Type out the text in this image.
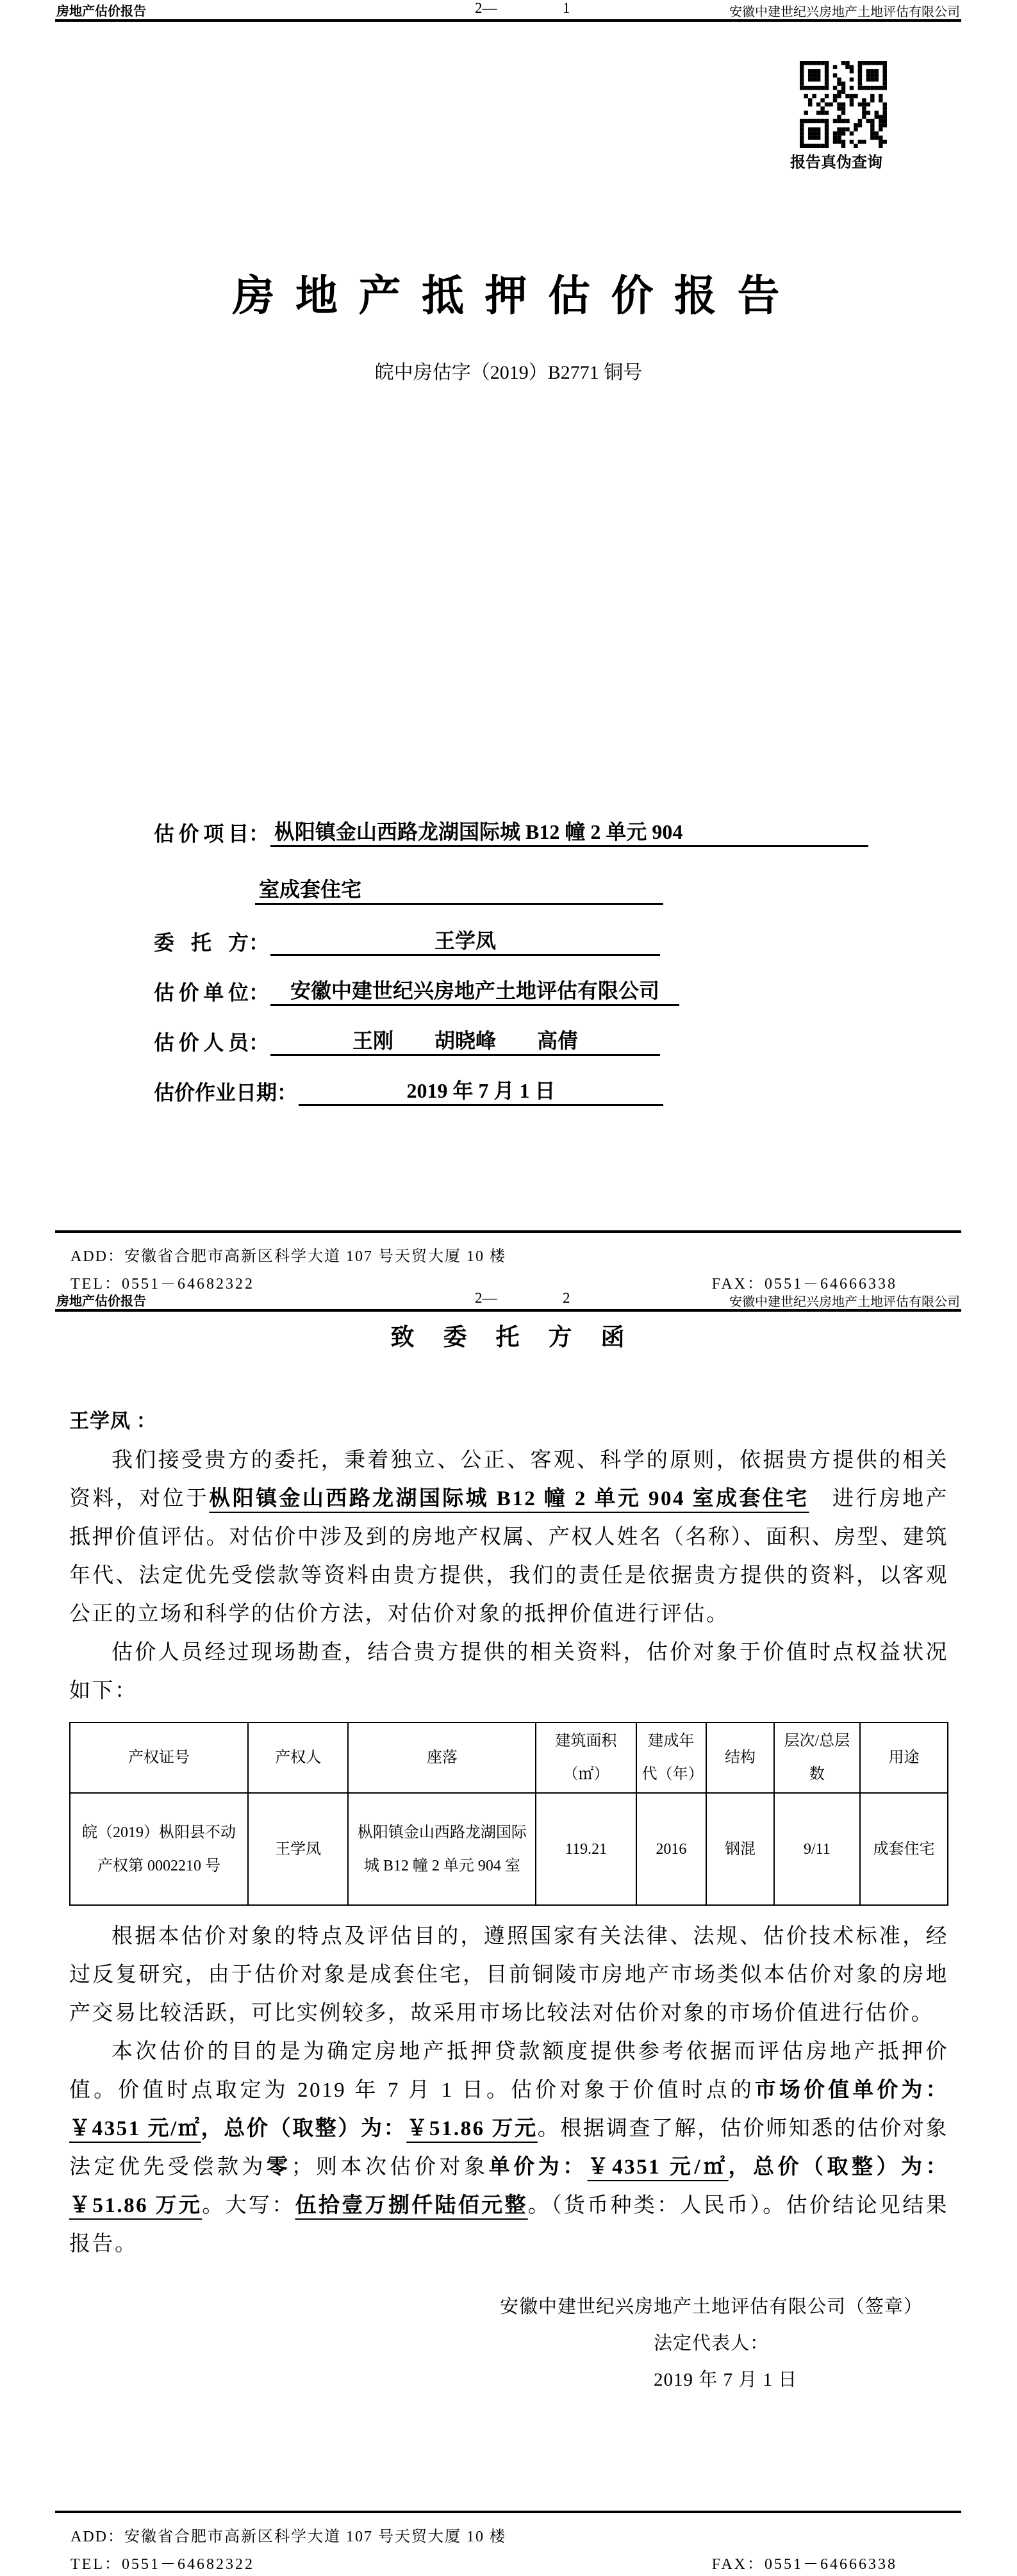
房地产估价报告	2—	1	安徽中建世纪兴房地产土地评估有限公司
报告真伪查询
房 地 产 抵 押 估 价 报 告
皖中房估字（2019）B2771 铜号
估价项目 ： 枞阳镇金山西路龙湖国际城 B12 幢 2 单元 904
室成套住宅
委托方 ：	王学凤
估价单位 ：	安徽中建世纪兴房地产土地评估有限公司
估价人员 ：	王刚　　胡晓峰　　高倩
估价作业日期 ：	2019 年 7 月 1 日
ADD：安徽省合肥市高新区科学大道 107 号天贸大厦 10 楼
TEL：0551－64682322	FAX：0551－64666338
房地产估价报告	2—	2	安徽中建世纪兴房地产土地评估有限公司
致　委　托　方　函
王学凤 ：

我们接受贵方的委托，秉着独立、公正、客观、科学的原则，依据贵方提供的相关资料，对位于枞阳镇金山西路龙湖国际城 B12 幢 2 单元 904 室成套住宅　进行房地产抵押价值评估。对估价中涉及到的房地产权属、产权人姓名（名称）、面积、房型、建筑年代、法定优先受偿款等资料由贵方提供，我们的责任是依据贵方提供的资料，以客观公正的立场和科学的估价方法，对估价对象的抵押价值进行评估。

估价人员经过现场勘查，结合贵方提供的相关资料，估价对象于价值时点权益状况如下：

产权证号	产权人	座落	建筑面积（㎡）	建成年代（年）	结构	层次/总层数	用途
皖（2019）枞阳县不动产权第 0002210 号	王学凤	枞阳镇金山西路龙湖国际城 B12 幢 2 单元 904 室	119.21	2016	钢混	9/11	成套住宅

根据本估价对象的特点及评估目的，遵照国家有关法律、法规、估价技术标准，经过反复研究，由于估价对象是成套住宅，目前铜陵市房地产市场类似本估价对象的房地产交易比较活跃，可比实例较多，故采用市场比较法对估价对象的市场价值进行估价。

本次估价的目的是为确定房地产抵押贷款额度提供参考依据而评估房地产抵押价值。价值时点取定为 2019 年 7 月 1 日。估价对象于价值时点的市场价值单价为：￥4351 元/㎡，总价（取整）为：￥51.86 万元。根据调查了解，估价师知悉的估价对象法定优先受偿款为零；则本次估价对象单价为：￥4351 元/㎡，总价（取整）为：￥51.86 万元。大写：伍拾壹万捌仟陆佰元整。（货币种类：人民币）。估价结论见结果报告。

安徽中建世纪兴房地产土地评估有限公司（签章）
法定代表人：
2019 年 7 月 1 日
ADD：安徽省合肥市高新区科学大道 107 号天贸大厦 10 楼
TEL：0551－64682322	FAX：0551－64666338
